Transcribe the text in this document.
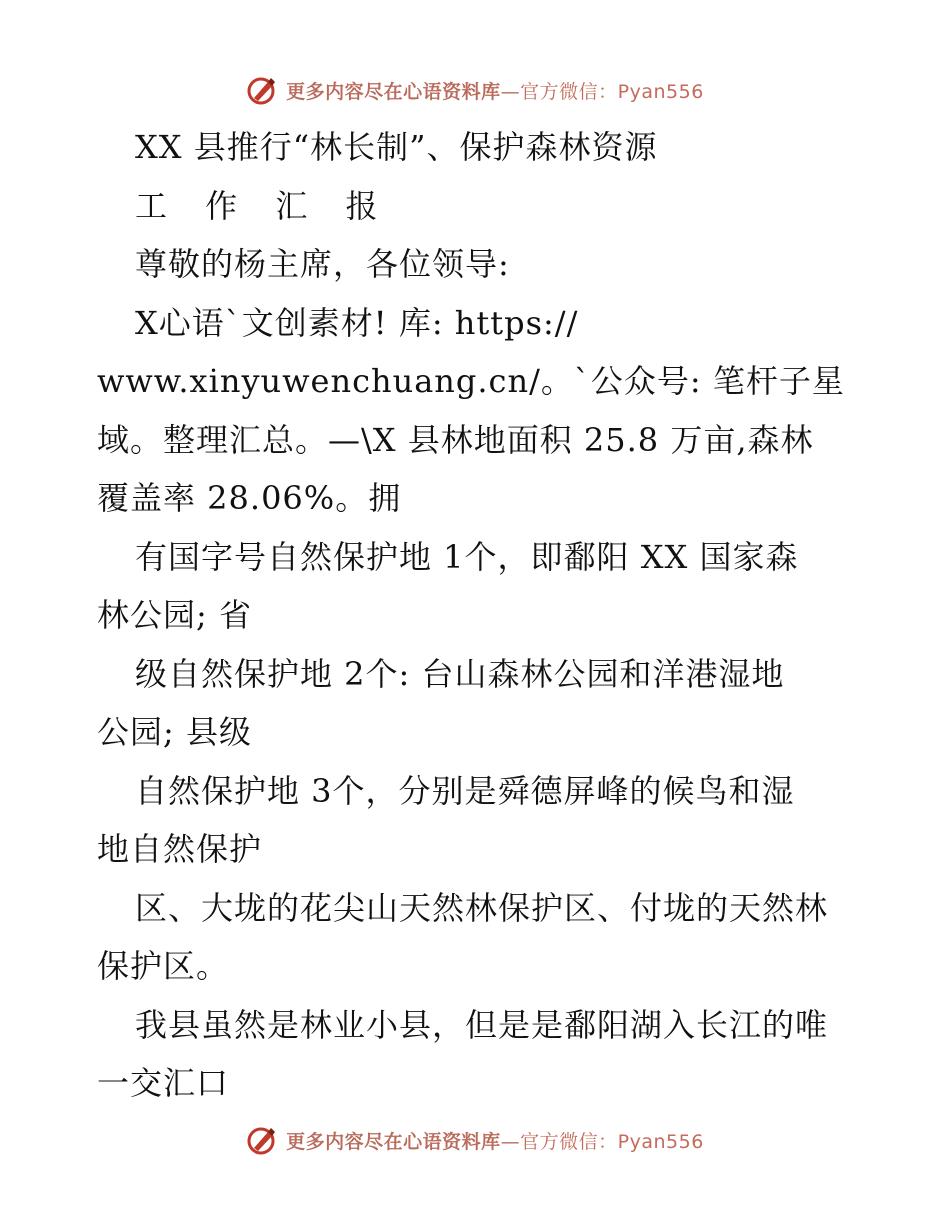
更多内容尽在心语资料库—官方微信：Pyan556
XX 县推行“林长制”、保护森林资源
工 作 汇 报
尊敬的杨主席，各位领导:
X心语`文创素材! 库: https://
www.xinyuwenchuang.cn/。`公众号: 笔杆子星
域。整理汇总。—\X 县林地面积 25.8 万亩,森林
覆盖率 28.06%。拥
有国字号自然保护地 1个，即鄱阳 XX 国家森
林公园; 省
级自然保护地 2个: 台山森林公园和洋港湿地
公园; 县级
自然保护地 3个，分别是舜德屏峰的候鸟和湿
地自然保护
区、大垅的花尖山天然林保护区、付垅的天然林
保护区。
我县虽然是林业小县，但是是鄱阳湖入长江的唯
一交汇口
更多内容尽在心语资料库—官方微信：Pyan556
